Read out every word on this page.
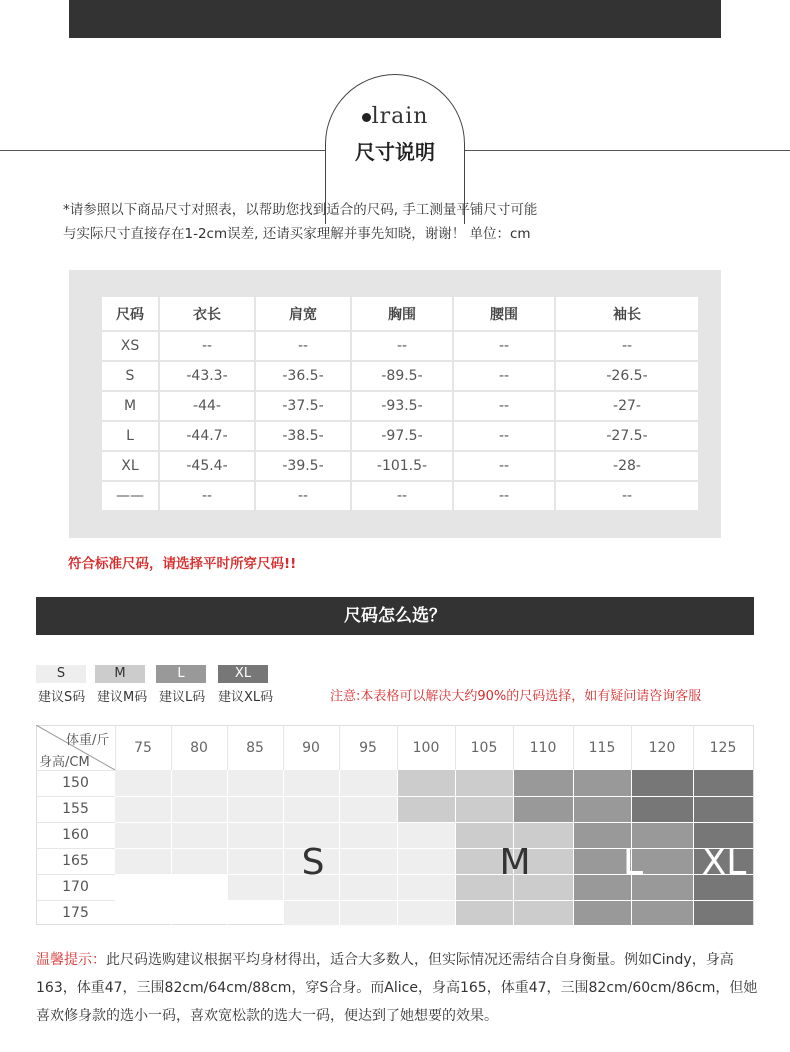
lrain
尺寸说明
*请参照以下商品尺寸对照表，以帮助您找到适合的尺码, 手工测量平铺尺寸可能
与实际尺寸直接存在1-2cm误差, 还请买家理解并事先知晓，谢谢！ 单位：cm
尺码	衣长	肩宽	胸围	腰围	袖长
XS	--	--	--	--	--
S	-43.3-	-36.5-	-89.5-	--	-26.5-
M	-44-	-37.5-	-93.5-	--	-27-
L	-44.7-	-38.5-	-97.5-	--	-27.5-
XL	-45.4-	-39.5-	-101.5-	--	-28-
——	--	--	--	--	--
符合标准尺码，请选择平时所穿尺码!!
尺码怎么选？
S	M	L	XL
建议S码 建议M码 建议L码 建议XL码	注意:本表格可以解决大约90%的尺码选择，如有疑问请咨询客服
S	M	L XL
体重/斤
身高/CM
75	80	85	90	95	100	105	110	115	120	125
150
155
160
165
170
175
温馨提示：此尺码选购建议根据平均身材得出，适合大多数人，但实际情况还需结合自身衡量。例如Cindy，身高163，体重47，三围82cm/64cm/88cm，穿S合身。而Alice，身高165，体重47，三围82cm/60cm/86cm，但她喜欢修身款的选小一码，喜欢宽松款的选大一码，便达到了她想要的效果。
